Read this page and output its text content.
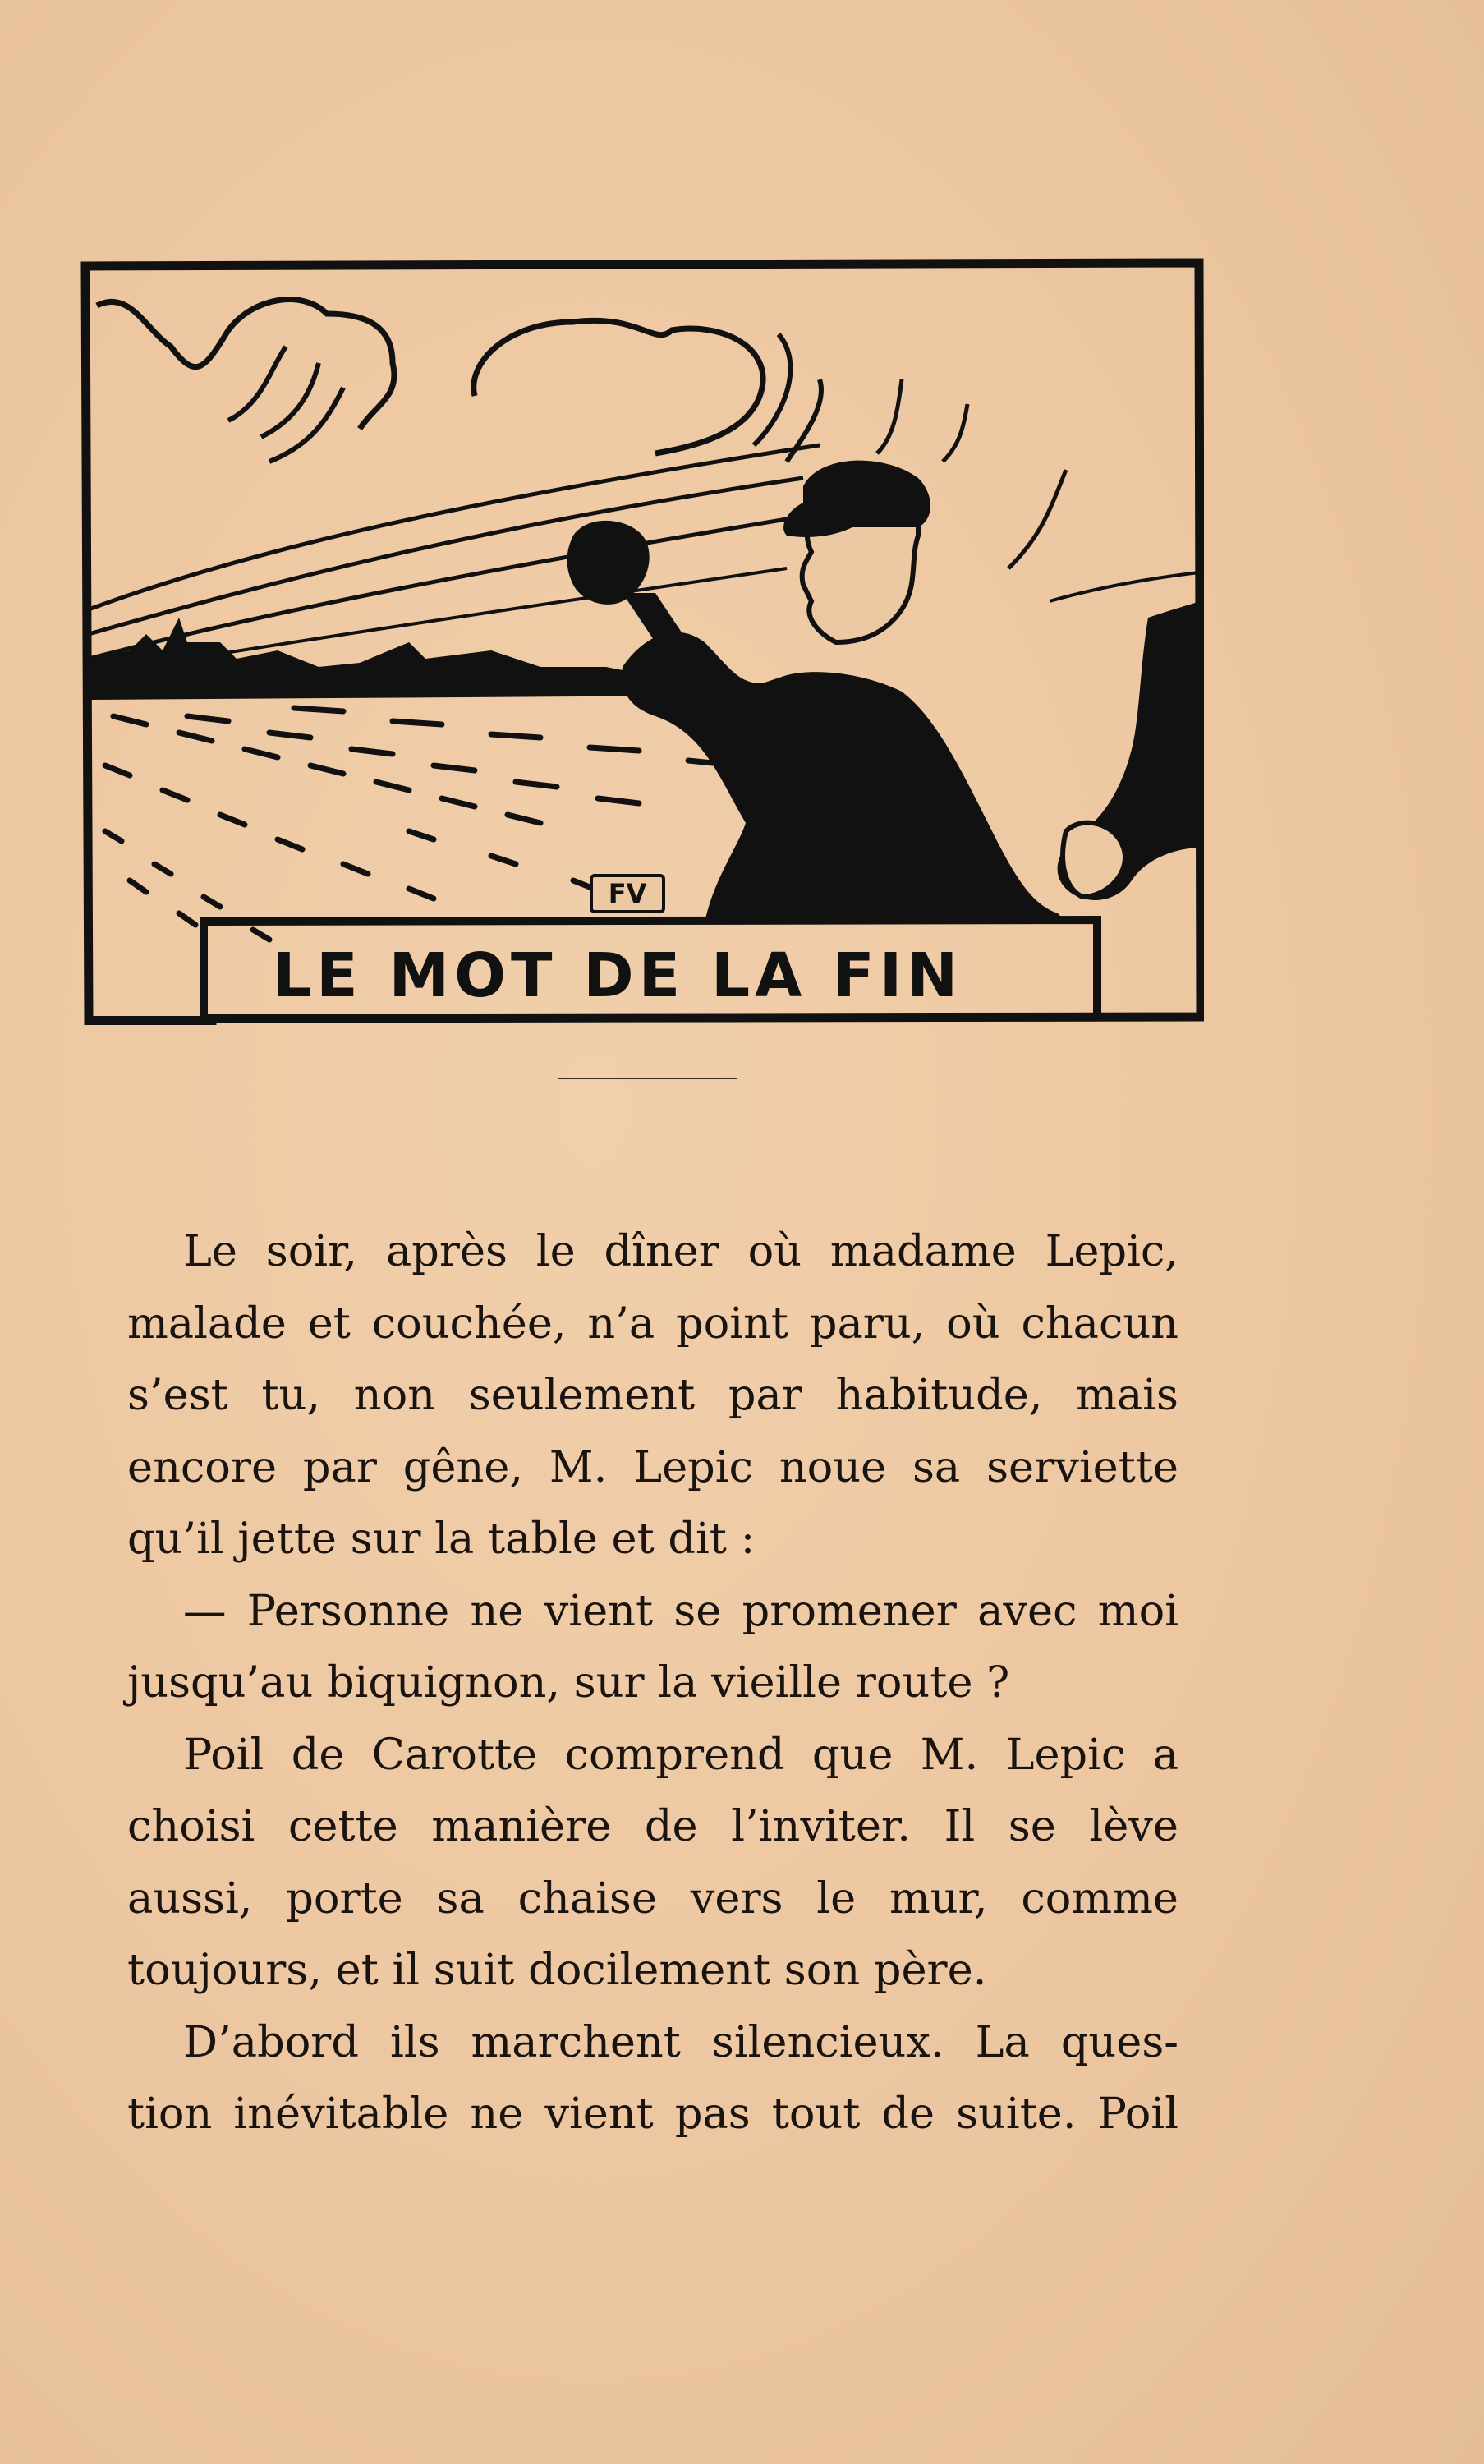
FV
LE MOT DE LA FIN
Le soir, après le dîner où madame Lepic,
malade et couchée, n’a point paru, où chacun
s’est tu, non seulement par habitude, mais
encore par gêne, M. Lepic noue sa serviette
qu’il jette sur la table et dit :
— Personne ne vient se promener avec moi
jusqu’au biquignon, sur la vieille route ?
Poil de Carotte comprend que M. Lepic a
choisi cette manière de l’inviter. Il se lève
aussi, porte sa chaise vers le mur, comme
toujours, et il suit docilement son père.
D’abord ils marchent silencieux. La ques-
tion inévitable ne vient pas tout de suite. Poil
